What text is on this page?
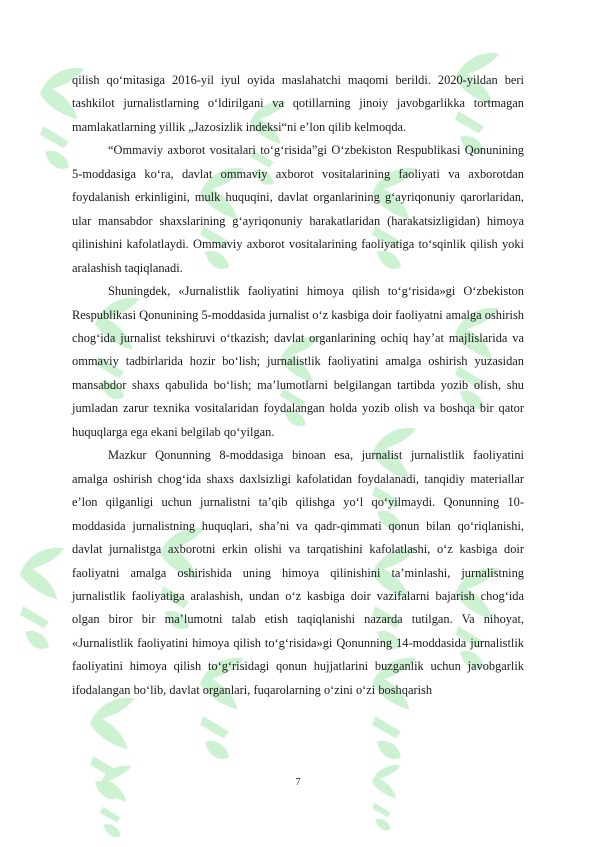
qilish qo‘mitasiga 2016-yil iyul oyida maslahatchi maqomi berildi. 2020-yildan beri tashkilot jurnalistlarning o‘ldirilgani va qotillarning jinoiy javobgarlikka tortmagan mamlakatlarning yillik „Jazosizlik indeksi“ni e’lon qilib kelmoqda.

“Ommaviy axborot vositalari to‘g‘risida”gi O‘zbekiston Respublikasi Qonunining 5-moddasiga ko‘ra, davlat ommaviy axborot vositalarining faoliyati va axborotdan foydalanish erkinligini, mulk huquqini, davlat organlarining g‘ayriqonuniy qarorlaridan, ular mansabdor shaxslarining g‘ayriqonuniy harakatlaridan (harakatsizligidan) himoya qilinishini kafolatlaydi. Ommaviy axborot vositalarining faoliyatiga to‘sqinlik qilish yoki aralashish taqiqlanadi.

Shuningdek, «Jurnalistlik faoliyatini himoya qilish to‘g‘risida»gi O‘zbekiston Respublikasi Qonunining 5-moddasida jurnalist o‘z kasbiga doir faoliyatni amalga oshirish chog‘ida jurnalist tekshiruvi o‘tkazish; davlat organlarining ochiq hay’at majlislarida va ommaviy tadbirlarida hozir bo‘lish; jurnalistlik faoliyatini amalga oshirish yuzasidan mansabdor shaxs qabulida bo‘lish; ma’lumotlarni belgilangan tartibda yozib olish, shu jumladan zarur texnika vositalaridan foydalangan holda yozib olish va boshqa bir qator huquqlarga ega ekani belgilab qo‘yilgan.

Mazkur Qonunning 8-moddasiga binoan esa, jurnalist jurnalistlik faoliyatini amalga oshirish chog‘ida shaxs daxlsizligi kafolatidan foydalanadi, tanqidiy materiallar e’lon qilganligi uchun jurnalistni ta’qib qilishga yo‘l qo‘yilmaydi. Qonunning 10-moddasida jurnalistning huquqlari, sha’ni va qadr-qimmati qonun bilan qo‘riqlanishi, davlat jurnalistga axborotni erkin olishi va tarqatishini kafolatlashi, o‘z kasbiga doir faoliyatni amalga oshirishida uning himoya qilinishini ta’minlashi, jurnalistning jurnalistlik faoliyatiga aralashish, undan o‘z kasbiga doir vazifalarni bajarish chog‘ida olgan biror bir ma’lumotni talab etish taqiqlanishi nazarda tutilgan. Va nihoyat, «Jurnalistlik faoliyatini himoya qilish to‘g‘risida»gi Qonunning 14-moddasida jurnalistlik faoliyatini himoya qilish to‘g‘risidagi qonun hujjatlarini buzganlik uchun javobgarlik ifodalangan bo‘lib, davlat organlari, fuqarolarning o‘zini o‘zi boshqarish

7
